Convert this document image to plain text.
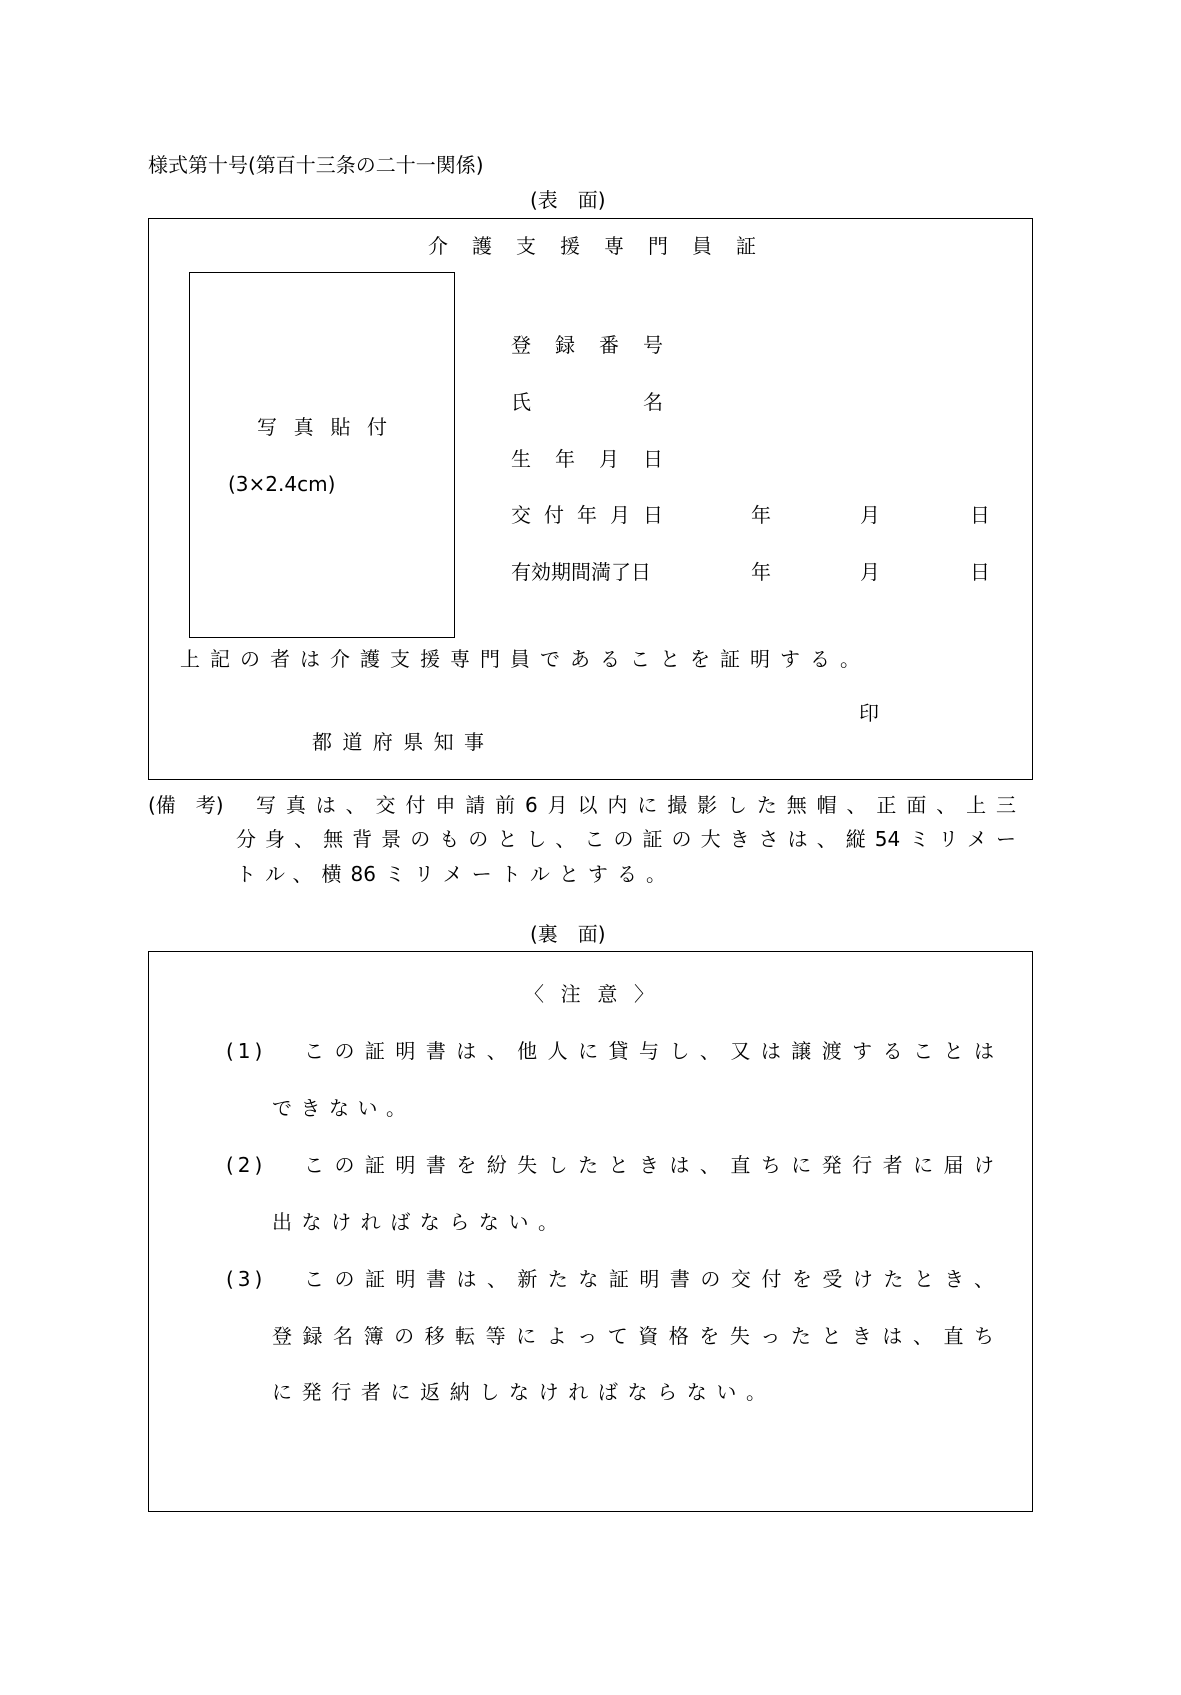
様式第十号(第百十三条の二十一関係)
(表　面)
介護支援専門員証
写真貼付
(3×2.4cm)
登録番号
氏名
生年月日
交付年月日	年	月	日
有効期間満了日	年	月	日
上記の者は介護支援専門員であることを証明する。
印
都道府県知事
(備　考) 写真は、交付申請前6月以内に撮影した無帽、正面、上三
分身、無背景のものとし、この証の大きさは、縦54ミリメー
トル、横86ミリメートルとする。
(裏　面)
〈注意〉
(1) この証明書は、他人に貸与し、又は譲渡することは
できない。
(2) この証明書を紛失したときは、直ちに発行者に届け
出なければならない。
(3) この証明書は、新たな証明書の交付を受けたとき、
登録名簿の移転等によって資格を失ったときは、直ち
に発行者に返納しなければならない。
